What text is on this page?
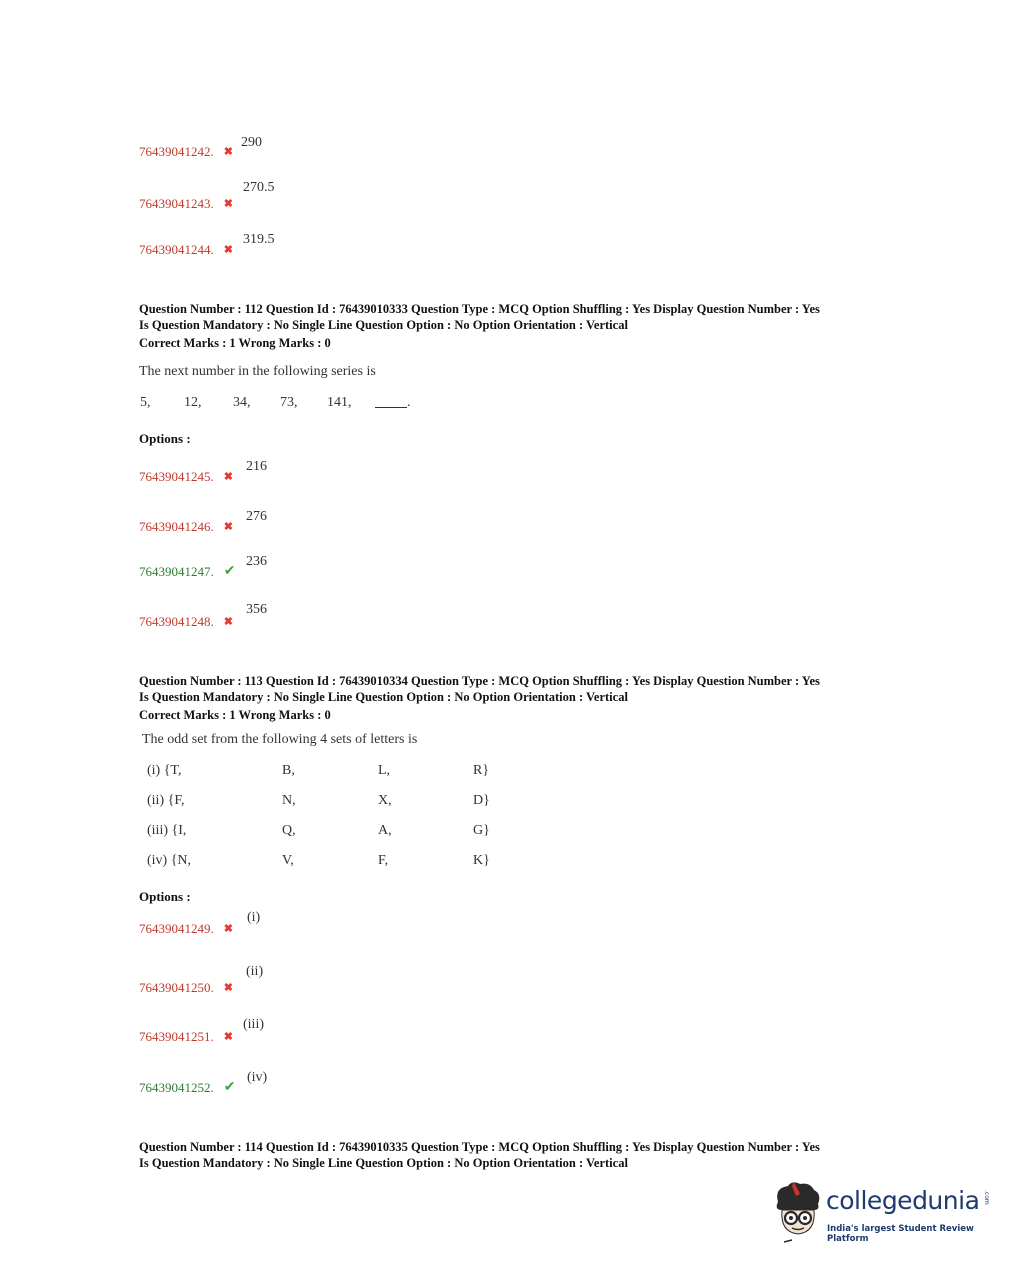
76439041242. ✖
290
76439041243. ✖
270.5
76439041244. ✖
319.5
Question Number : 112 Question Id : 76439010333 Question Type : MCQ Option Shuffling : Yes Display Question Number : Yes
Is Question Mandatory : No Single Line Question Option : No Option Orientation : Vertical
Correct Marks : 1 Wrong Marks : 0
The next number in the following series is
5, 12, 34, 73, 141,	.
Options :
76439041245. ✖
216
76439041246. ✖
276
76439041247. ✔
236
76439041248. ✖
356
Question Number : 113 Question Id : 76439010334 Question Type : MCQ Option Shuffling : Yes Display Question Number : Yes
Is Question Mandatory : No Single Line Question Option : No Option Orientation : Vertical
Correct Marks : 1 Wrong Marks : 0
The odd set from the following 4 sets of letters is
(i) {T,	B,	L,	R}
(ii) {F,	N,	X,	D}
(iii) {I,	Q,	A,	G}
(iv) {N,	V,	F,	K}
Options :
76439041249. ✖
(i)
76439041250. ✖
(ii)
76439041251. ✖
(iii)
76439041252. ✔
(iv)
Question Number : 114 Question Id : 76439010335 Question Type : MCQ Option Shuffling : Yes Display Question Number : Yes
Is Question Mandatory : No Single Line Question Option : No Option Orientation : Vertical
collegedunia .com
India's largest Student Review Platform
